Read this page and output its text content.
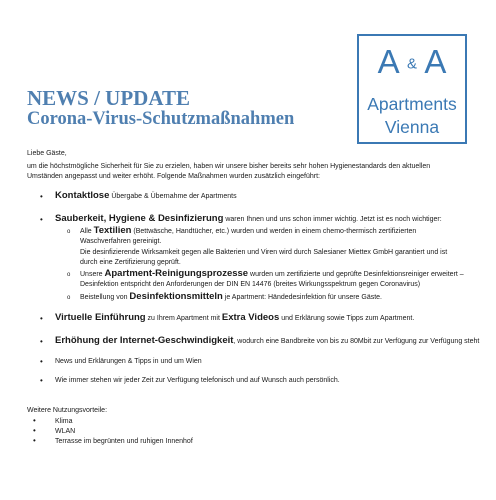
A & A
Apartments
Vienna
NEWS / UPDATE
Corona-Virus-Schutzmaßnahmen
Liebe Gäste,
um die höchstmögliche Sicherheit für Sie zu erzielen, haben wir unsere bisher bereits sehr hohen Hygienestandards den aktuellen
Umständen angepasst und weiter erhöht. Folgende Maßnahmen wurden zusätzlich eingeführt:
• Kontaktlose Übergabe & Übernahme der Apartments
• Sauberkeit, Hygiene & Desinfizierung waren Ihnen und uns schon immer wichtig. Jetzt ist es noch wichtiger:
o Alle Textilien (Bettwäsche, Handtücher, etc.) wurden und werden in einem chemo-thermisch zertifizierten
Waschverfahren gereinigt.
Die desinfizierende Wirksamkeit gegen alle Bakterien und Viren wird durch Salesianer Miettex GmbH garantiert und ist
durch eine Zertifizierung geprüft.
o Unsere Apartment-Reinigungsprozesse wurden um zertifizierte und geprüfte Desinfektionsreiniger erweitert –
Desinfektion entspricht den Anforderungen der DIN EN 14476 (breites Wirkungsspektrum gegen Coronavirus)
o Beistellung von Desinfektionsmitteln je Apartment: Händedesinfektion für unsere Gäste.
• Virtuelle Einführung zu Ihrem Apartment mit Extra Videos und Erklärung sowie Tipps zum Apartment.
• Erhöhung der Internet-Geschwindigkeit, wodurch eine Bandbreite von bis zu 80Mbit zur Verfügung zur Verfügung steht
• News und Erklärungen & Tipps in und um Wien
• Wie immer stehen wir jeder Zeit zur Verfügung telefonisch und auf Wunsch auch persönlich.
Weitere Nutzungsvorteile:
•	Klima
•	WLAN
•	Terrasse im begrünten und ruhigen Innenhof
